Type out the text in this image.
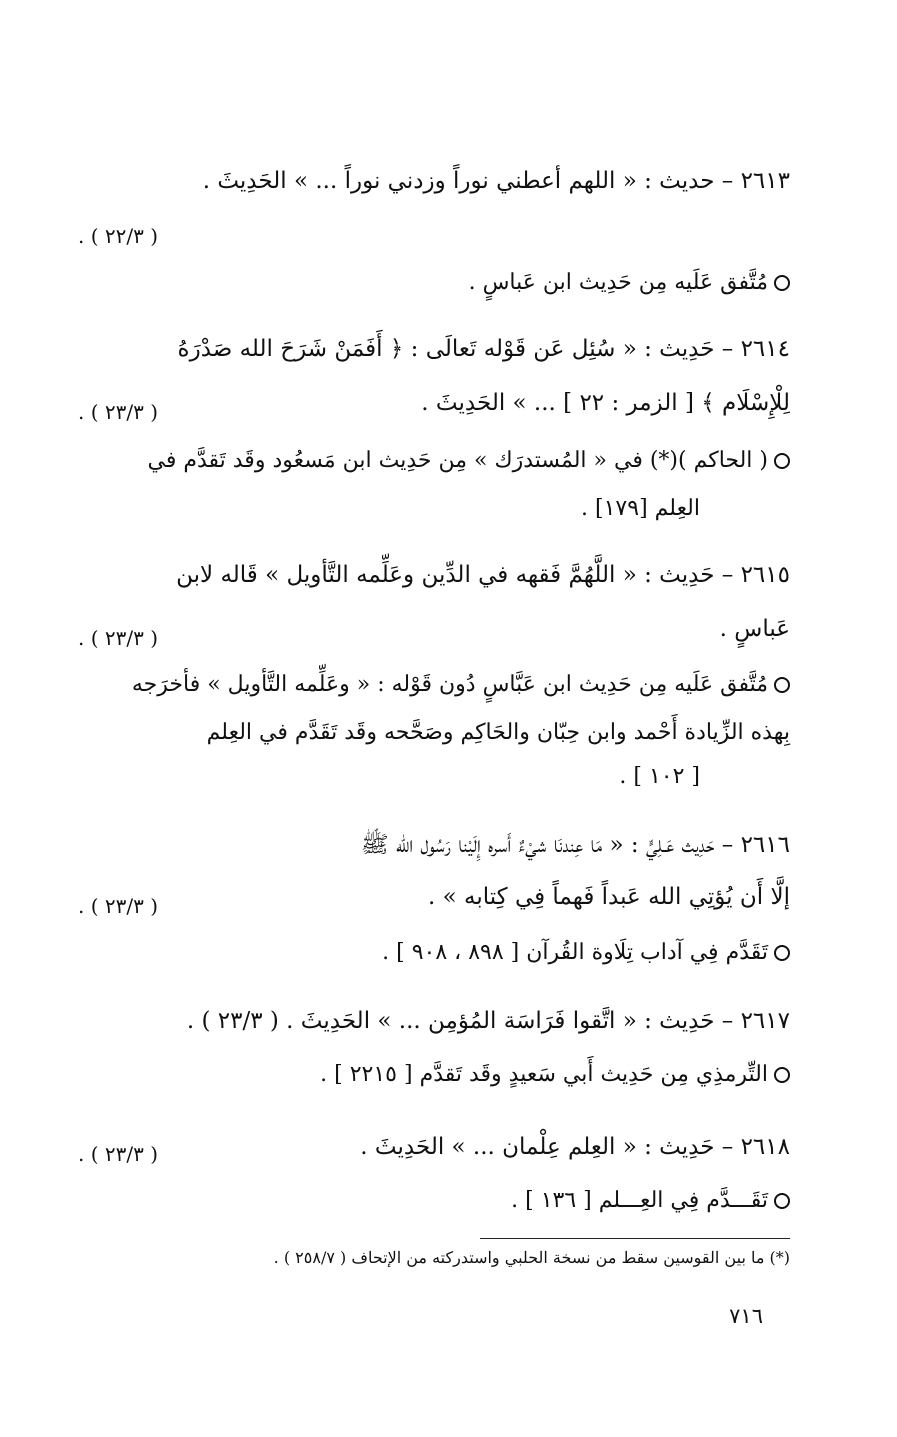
٢٦١٣ – حديث : « اللهم أعطني نوراً وزدني نوراً ... » الحَدِيثَ .
( ٢٢/٣ ) .
مُتَّفق عَلَيه مِن حَدِيث ابن عَباسٍ .
٢٦١٤ – حَدِيث : « سُئِل عَن قَوْله تَعالَى : ﴿ أَفَمَنْ شَرَحَ الله صَدْرَهُ
لِلْإِسْلَام ﴾ [ الزمر : ٢٢ ] ... » الحَدِيثَ .
( ٢٣/٣ ) .
( الحاكم )(*) في « المُستدرَك » مِن حَدِيث ابن مَسعُود وقَد تَقدَّم في
العِلم [١٧٩] .
٢٦١٥ – حَدِيث : « اللَّهُمَّ فَقهه في الدِّين وعَلِّمه التَّأويل » قَاله لابن
عَباسٍ .
( ٢٣/٣ ) .
مُتَّفق عَلَيه مِن حَدِيث ابن عَبَّاسٍ دُون قَوْله : « وعَلِّمه التَّأويل » فأخرَجه
بِهذه الزِّيادة أَحْمد وابن حِبّان والحَاكِم وصَحَّحه وقَد تَقَدَّم في العِلم
[ ١٠٢ ] .
٢٦١٦ – حَدِيث عَـلِيٍّ : « مَا عِندنَا شيْءٌ أَسره إِلَيْنا رَسُول الله ﷺ
إلَّا أَن يُؤتِي الله عَبداً فَهماً فِي كِتابه » .
( ٢٣/٣ ) .
تَقَدَّم فِي آداب تِلَاوة القُرآن [ ٨٩٨ ، ٩٠٨ ] .
٢٦١٧ – حَدِيث : « اتَّقوا فَرَاسَة المُؤمِن ... » الحَدِيثَ . ( ٢٣/٣ ) .
التِّرمذِي مِن حَدِيث أَبي سَعيدٍ وقَد تَقدَّم [ ٢٢١٥ ] .
٢٦١٨ – حَدِيث : « العِلم عِلْمان ... » الحَدِيثَ .
( ٢٣/٣ ) .
تَقَـــدَّم فِي العِـــلم [ ١٣٦ ] .
(*) ما بين القوسين سقط من نسخة الحلبي واستدركته من الإتحاف ( ٢٥٨/٧ ) .
٧١٦
